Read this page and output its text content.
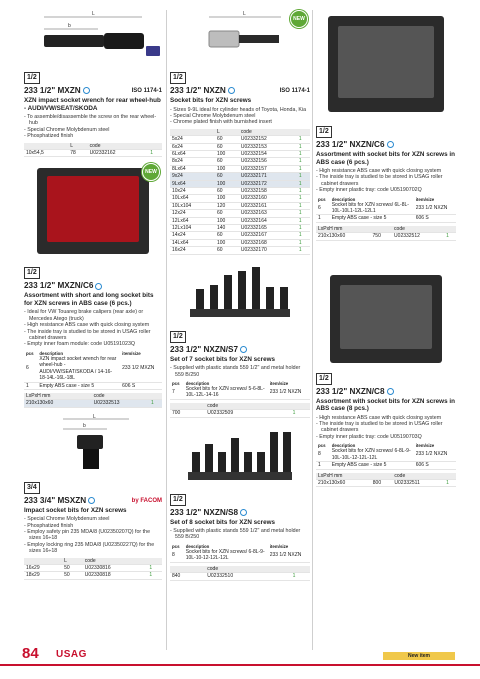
L
b
1/2
233 1/2" MXZN	ISO 1174-1
XZN impact socket wrench for rear wheel-hub - AUDI/VW/SEAT/SKODA
- To assemble/disassemble the screw on the rear wheel-hub
- Special Chrome Molybdenum steel
- Phosphatized finish
	L	code	
10x54,5	78	U02332162	1
NEW
1/2
233 1/2" MXZN/C6
Assortment with short and long socket bits for XZN screws in ABS case (6 pcs.)
- Ideal for VW Touareg brake calipers (rear axle) or Mercedes Atego (truck)
- High resistance ABS case with quick closing system
- The inside tray is studied to be stored in USAG roller cabinet drawers
- Empty inner foam module: code U05191023Q
pcs	description	item/size
6	XZN impact socket wrench for rear wheel-hub - AUDI/VW/SEAT/SKODA / 14-16-18-14L-16L-18L	233 1/2 MXZN
1	Empty ABS case - size 5	606 S
LxPxH mm		code	
210x130x60		U02332513	1
L
b
3/4
233 3/4" MSXZN	by FACOM
Impact socket bits for XZN screws
- Special Chrome Molybdenum steel
- Phosphatized finish
- Employ safety pin 235 MDA/8 (U02350207Q) for the sizes 16÷18
- Employ locking ring 235 MDA/8 (U02350227Q) for the sizes 16÷18
	L	code	
16x29	50	U02330816	1
18x29	50	U02330818	1
L
NEW
1/2
233 1/2" NXZN	ISO 1174-1
Socket bits for XZN screws
- Sizes 9-9L ideal for cylinder heads of Toyota, Honda, Kia
- Special Chrome Molybdenum steel
- Chrome plated finish with burnished insert
	L	code	
5x24	60	U02332152	1
6x24	60	U02332153	1
6Lx64	100	U02332154	1
8x24	60	U02332156	1
8Lx64	100	U02332157	1
9x24	60	U02332171	1
9Lx64	100	U02332172	1
10x24	60	U02332158	1
10Lx64	100	U02332160	1
10Lx104	120	U02332161	1
12x24	60	U02332163	1
12Lx64	100	U02332164	1
12Lx104	140	U02332165	1
14x24	60	U02332167	1
14Lx64	100	U02332168	1
16x24	60	U02332170	1
1/2
233 1/2" NXZN/S7
Set of 7 socket bits for XZN screws
- Supplied with plastic stands 559 1/2" and metal holder 559 B/250
pcs	description	item/size
7	Socket bits for XZN screws/ 5-6-8L-10L-12L-14-16	233 1/2 NXZN
	code	
700	U02332509	1
1/2
233 1/2" NXZN/S8
Set of 8 socket bits for XZN screws
- Supplied with plastic stands 559 1/2" and metal holder 559 B/250
pcs	description	item/size
8	Socket bits for XZN screws/ 6-8L-9-10L-10-12-12L-12L	233 1/2 NXZN
	code	
840	U02332510	1
1/2
233 1/2" NXZN/C6
Assortment with socket bits for XZN screws in ABS case (6 pcs.)
- High resistance ABS case with quick closing system
- The inside tray is studied to be stored in USAG roller cabinet drawers
- Empty inner plastic tray: code U05190702Q
pcs	description	item/size
6	Socket bits for XZN screws/ 6L-8L-10L-10L1-12L-12L1	233 1/2 NXZN
1	Empty ABS case - size 5	606 S
LxPxH mm		code	
210x130x60	750	U02332512	1
1/2
233 1/2" NXZN/C8
Assortment with socket bits for XZN screws in ABS case (8 pcs.)
- High resistance ABS case with quick closing system
- The inside tray is studied to be stored in USAG roller cabinet drawers
- Empty inner plastic tray: code U05190703Q
pcs	description	item/size
8	Socket bits for XZN screws/ 6-8L-9-10L-10L-12-12L-12L	233 1/2 NXZN
1	Empty ABS case - size 5	606 S
LxPxH mm		code	
210x130x60	800	U02332511	1
84 USAG	New item
